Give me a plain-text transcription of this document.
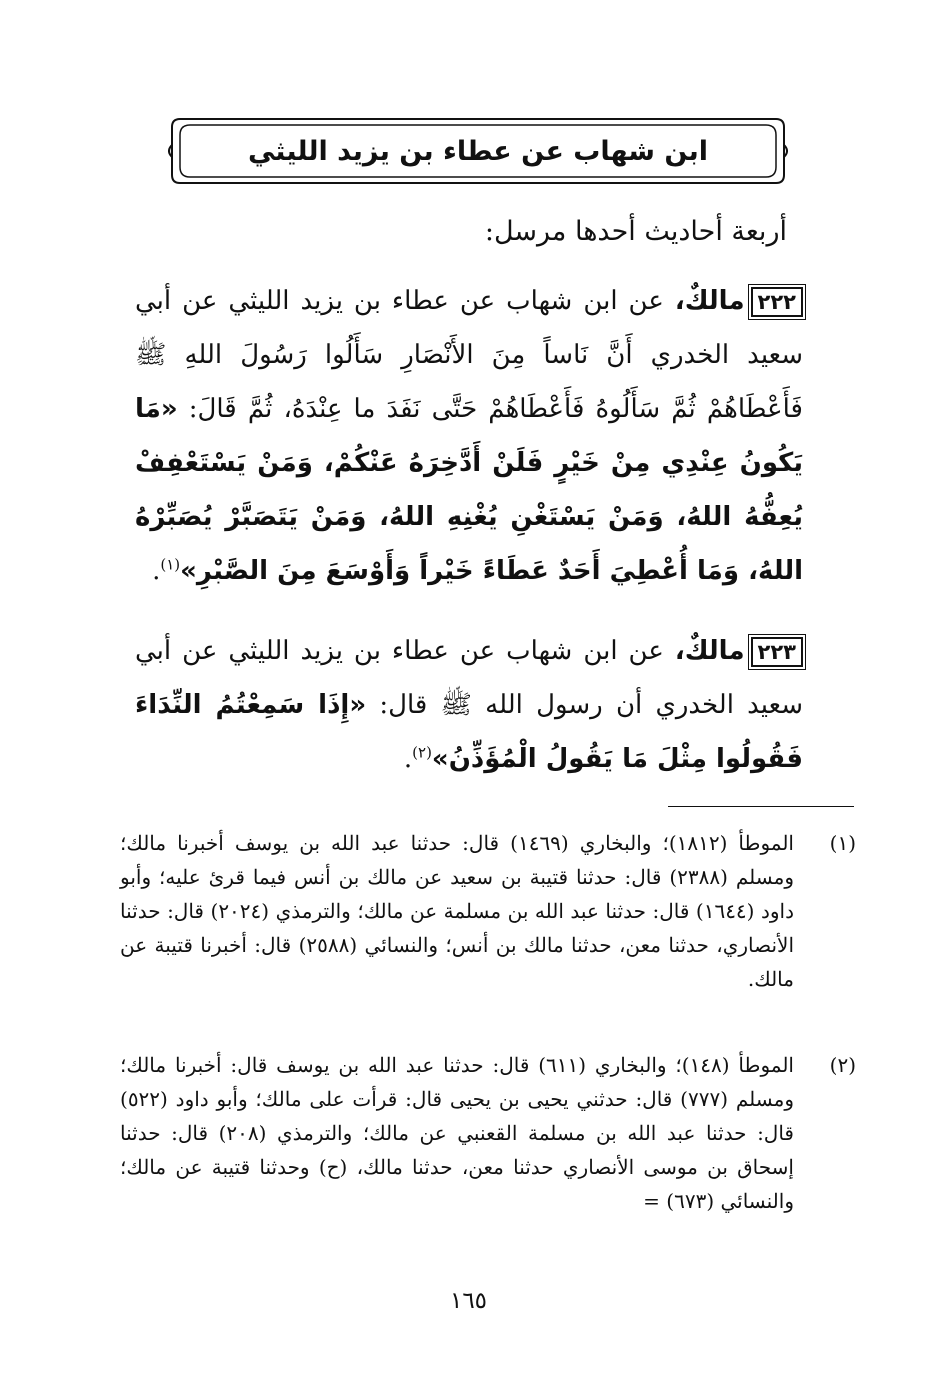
ابن شهاب عن عطاء بن يزيد الليثي
أربعة أحاديث أحدها مرسل:
٢٢٢مالكٌ، عن ابن شهاب عن عطاء بن يزيد الليثي عن أبي سعيد الخدري أَنَّ نَاساً مِنَ الأَنْصَارِ سَأَلُوا رَسُولَ اللهِ ﷺ فَأَعْطَاهُمْ ثُمَّ سَأَلُوهُ فَأَعْطَاهُمْ حَتَّى نَفَدَ ما عِنْدَهُ، ثُمَّ قَالَ: «مَا يَكُونُ عِنْدِي مِنْ خَيْرٍ فَلَنْ أَدَّخِرَهُ عَنْكُمْ، وَمَنْ يَسْتَعْفِفْ يُعِفُّهُ اللهُ، وَمَنْ يَسْتَغْنِ يُغْنِهِ اللهُ، وَمَنْ يَتَصَبَّرْ يُصَبِّرْهُ اللهُ، وَمَا أُعْطِيَ أَحَدٌ عَطَاءً خَيْراً وَأَوْسَعَ مِنَ الصَّبْرِ»$^{(١)}$.
٢٢٣مالكٌ، عن ابن شهاب عن عطاء بن يزيد الليثي عن أبي سعيد الخدري أن رسول الله ﷺ قال: «إِذَا سَمِعْتُمُ النِّدَاءَ فَقُولُوا مِثْلَ مَا يَقُولُ الْمُؤَذِّنُ»$^{(٢)}$.
(١)
الموطأ (١٨١٢)؛ والبخاري (١٤٦٩) قال: حدثنا عبد الله بن يوسف أخبرنا مالك؛ ومسلم (٢٣٨٨) قال: حدثنا قتيبة بن سعيد عن مالك بن أنس فيما قرئ عليه؛ وأبو داود (١٦٤٤) قال: حدثنا عبد الله بن مسلمة عن مالك؛ والترمذي (٢٠٢٤) قال: حدثنا الأنصاري، حدثنا معن، حدثنا مالك بن أنس؛ والنسائي (٢٥٨٨) قال: أخبرنا قتيبة عن مالك.
(٢)
الموطأ (١٤٨)؛ والبخاري (٦١١) قال: حدثنا عبد الله بن يوسف قال: أخبرنا مالك؛ ومسلم (٧٧٧) قال: حدثني يحيى بن يحيى قال: قرأت على مالك؛ وأبو داود (٥٢٢) قال: حدثنا عبد الله بن مسلمة القعنبي عن مالك؛ والترمذي (٢٠٨) قال: حدثنا إسحاق بن موسى الأنصاري حدثنا معن، حدثنا مالك، (ح) وحدثنا قتيبة عن مالك؛ والنسائي (٦٧٣) =
١٦٥
